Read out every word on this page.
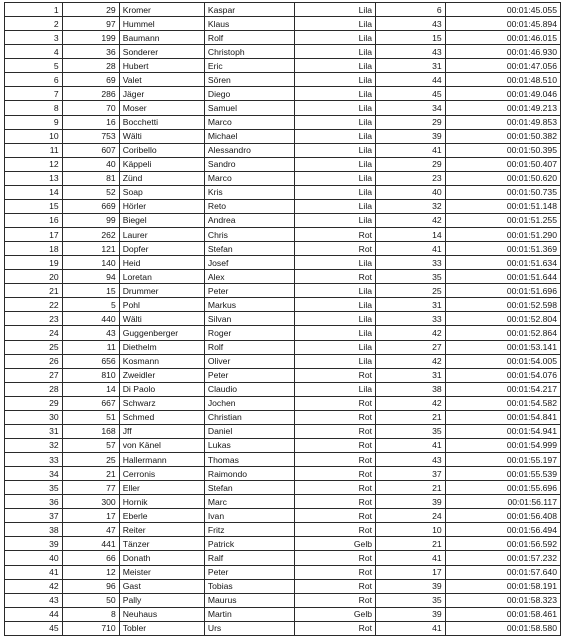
1	29	Kromer	Kaspar	Lila	6	00:01:45.055
2	97	Hummel	Klaus	Lila	43	00:01:45.894
3	199	Baumann	Rolf	Lila	15	00:01:46.015
4	36	Sonderer	Christoph	Lila	43	00:01:46.930
5	28	Hubert	Eric	Lila	31	00:01:47.056
6	69	Valet	Sören	Lila	44	00:01:48.510
7	286	Jäger	Diego	Lila	45	00:01:49.046
8	70	Moser	Samuel	Lila	34	00:01:49.213
9	16	Bocchetti	Marco	Lila	29	00:01:49.853
10	753	Wälti	Michael	Lila	39	00:01:50.382
11	607	Coribello	Alessandro	Lila	41	00:01:50.395
12	40	Käppeli	Sandro	Lila	29	00:01:50.407
13	81	Zünd	Marco	Lila	23	00:01:50.620
14	52	Soap	Kris	Lila	40	00:01:50.735
15	669	Hörler	Reto	Lila	32	00:01:51.148
16	99	Biegel	Andrea	Lila	42	00:01:51.255
17	262	Laurer	Chris	Rot	14	00:01:51.290
18	121	Dopfer	Stefan	Rot	41	00:01:51.369
19	140	Heid	Josef	Lila	33	00:01:51.634
20	94	Loretan	Alex	Rot	35	00:01:51.644
21	15	Drummer	Peter	Lila	25	00:01:51.696
22	5	Pohl	Markus	Lila	31	00:01:52.598
23	440	Wälti	Silvan	Lila	33	00:01:52.804
24	43	Guggenberger	Roger	Lila	42	00:01:52.864
25	11	Diethelm	Rolf	Lila	27	00:01:53.141
26	656	Kosmann	Oliver	Lila	42	00:01:54.005
27	810	Zweidler	Peter	Rot	31	00:01:54.076
28	14	Di Paolo	Claudio	Lila	38	00:01:54.217
29	667	Schwarz	Jochen	Rot	42	00:01:54.582
30	51	Schmed	Christian	Rot	21	00:01:54.841
31	168	Jff	Daniel	Rot	35	00:01:54.941
32	57	von Känel	Lukas	Rot	41	00:01:54.999
33	25	Hallermann	Thomas	Rot	43	00:01:55.197
34	21	Cerronis	Raimondo	Rot	37	00:01:55.539
35	77	Eller	Stefan	Rot	21	00:01:55.696
36	300	Hornik	Marc	Rot	39	00:01:56.117
37	17	Eberle	Ivan	Rot	24	00:01:56.408
38	47	Reiter	Fritz	Rot	10	00:01:56.494
39	441	Tänzer	Patrick	Gelb	21	00:01:56.592
40	66	Donath	Ralf	Rot	41	00:01:57.232
41	12	Meister	Peter	Rot	17	00:01:57.640
42	96	Gast	Tobias	Rot	39	00:01:58.191
43	50	Pally	Maurus	Rot	35	00:01:58.323
44	8	Neuhaus	Martin	Gelb	39	00:01:58.461
45	710	Tobler	Urs	Rot	41	00:01:58.580
